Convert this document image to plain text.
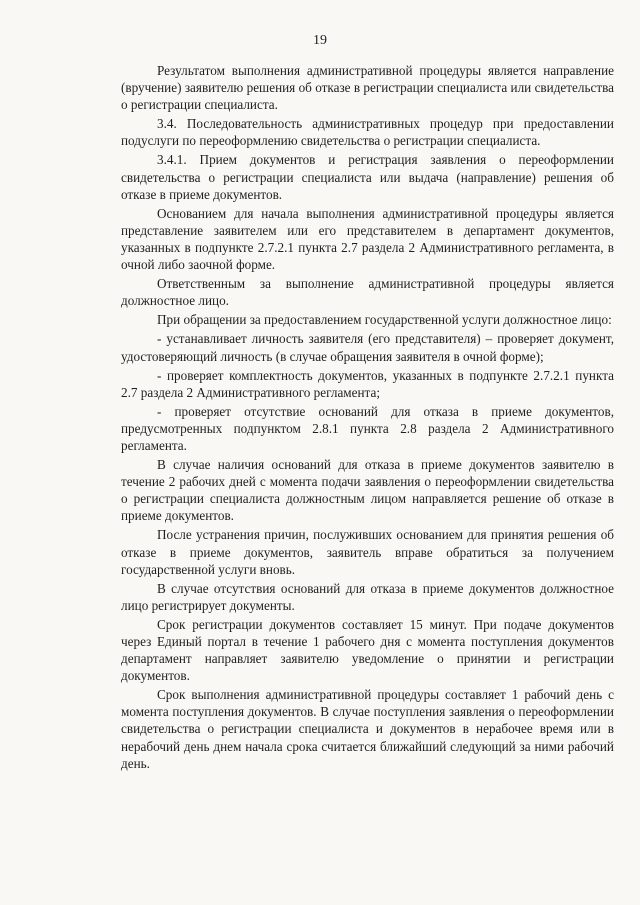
19

Результатом выполнения административной процедуры является направление (вручение) заявителю решения об отказе в регистрации специалиста или свидетельства о регистрации специалиста.

3.4. Последовательность административных процедур при предоставлении подуслуги по переоформлению свидетельства о регистрации специалиста.

3.4.1. Прием документов и регистрация заявления о переоформлении свидетельства о регистрации специалиста или выдача (направление) решения об отказе в приеме документов.

Основанием для начала выполнения административной процедуры является представление заявителем или его представителем в департамент документов, указанных в подпункте 2.7.2.1 пункта 2.7 раздела 2 Административного регламента, в очной либо заочной форме.

Ответственным за выполнение административной процедуры является должностное лицо.

При обращении за предоставлением государственной услуги должностное лицо:

- устанавливает личность заявителя (его представителя) – проверяет документ, удостоверяющий личность (в случае обращения заявителя в очной форме);

- проверяет комплектность документов, указанных в подпункте 2.7.2.1 пункта 2.7 раздела 2 Административного регламента;

- проверяет отсутствие оснований для отказа в приеме документов, предусмотренных подпунктом 2.8.1 пункта 2.8 раздела 2 Административного регламента.

В случае наличия оснований для отказа в приеме документов заявителю в течение 2 рабочих дней с момента подачи заявления о переоформлении свидетельства о регистрации специалиста должностным лицом направляется решение об отказе в приеме документов.

После устранения причин, послуживших основанием для принятия решения об отказе в приеме документов, заявитель вправе обратиться за получением государственной услуги вновь.

В случае отсутствия оснований для отказа в приеме документов должностное лицо регистрирует документы.

Срок регистрации документов составляет 15 минут. При подаче документов через Единый портал в течение 1 рабочего дня с момента поступления документов департамент направляет заявителю уведомление о принятии и регистрации документов.

Срок выполнения административной процедуры составляет 1 рабочий день с момента поступления документов. В случае поступления заявления о переоформлении свидетельства о регистрации специалиста и документов в нерабочее время или в нерабочий день днем начала срока считается ближайший следующий за ними рабочий день.
